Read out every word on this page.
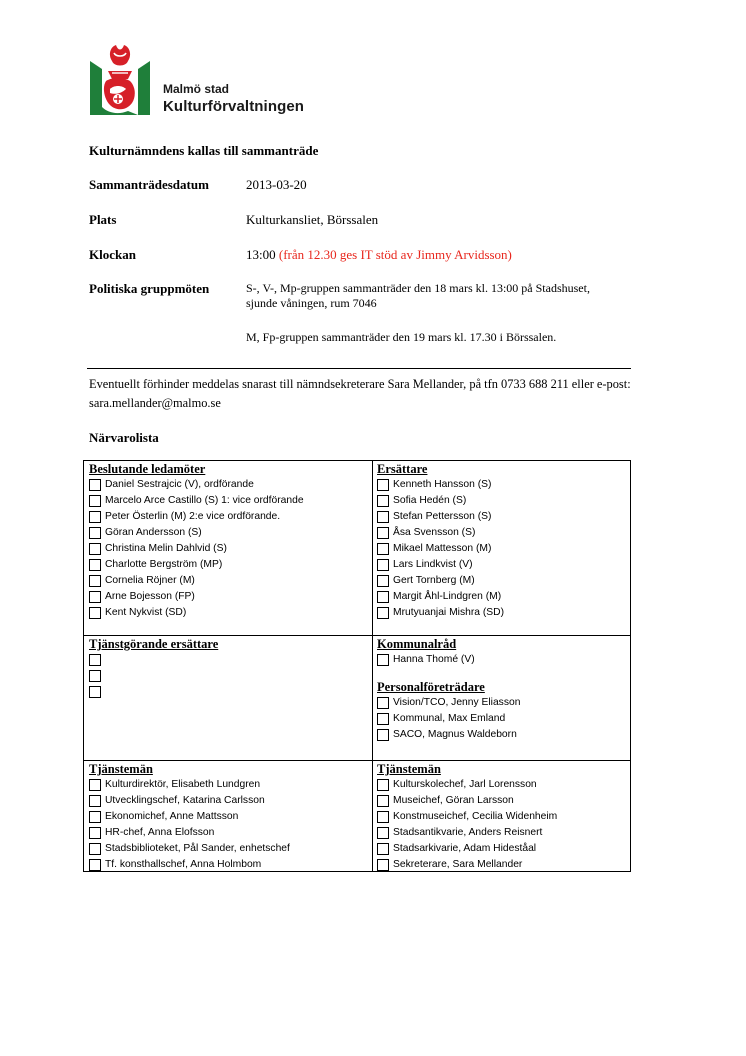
Malmö stad
Kulturförvaltningen
Kulturnämndens kallas till sammanträde
Sammanträdesdatum	2013-03-20
Plats	Kulturkansliet, Börssalen
Klockan	13:00 (från 12.30 ges IT stöd av Jimmy Arvidsson)
Politiska gruppmöten	S-, V-, Mp-gruppen sammanträder den 18 mars kl. 13:00 på Stadshuset, sjunde våningen, rum 7046
M, Fp-gruppen sammanträder den 19 mars kl. 17.30 i Börssalen.
Eventuellt förhinder meddelas snarast till nämndsekreterare Sara Mellander, på tfn 0733 688 211 eller e-post: sara.mellander@malmo.se
Närvarolista
Beslutande ledamöter
Daniel Sestrajcic (V), ordförande
Marcelo Arce Castillo (S) 1: vice ordförande
Peter Österlin (M) 2:e vice ordförande.
Göran Andersson (S)
Christina Melin Dahlvid (S)
Charlotte Bergström (MP)
Cornelia Röjner (M)
Arne Bojesson (FP)
Kent Nykvist (SD)
Ersättare
Kenneth Hansson (S)
Sofia Hedén (S)
Stefan Pettersson (S)
Åsa Svensson (S)
Mikael Mattesson (M)
Lars Lindkvist (V)
Gert Tornberg (M)
Margit Åhl-Lindgren (M)
Mrutyuanjai Mishra (SD)
Tjänstgörande ersättare	Kommunalråd
Hanna Thomé (V)
Personalföreträdare
Vision/TCO, Jenny Eliasson
Kommunal, Max Emland
SACO, Magnus Waldeborn
Tjänstemän
Kulturdirektör, Elisabeth Lundgren
Utvecklingschef, Katarina Carlsson
Ekonomichef, Anne Mattsson
HR-chef, Anna Elofsson
Stadsbiblioteket, Pål Sander, enhetschef
Tf. konsthallschef, Anna Holmbom
Tjänstemän
Kulturskolechef, Jarl Lorensson
Museichef, Göran Larsson
Konstmuseichef, Cecilia Widenheim
Stadsantikvarie, Anders Reisnert
Stadsarkivarie, Adam Hideståal
Sekreterare, Sara Mellander
